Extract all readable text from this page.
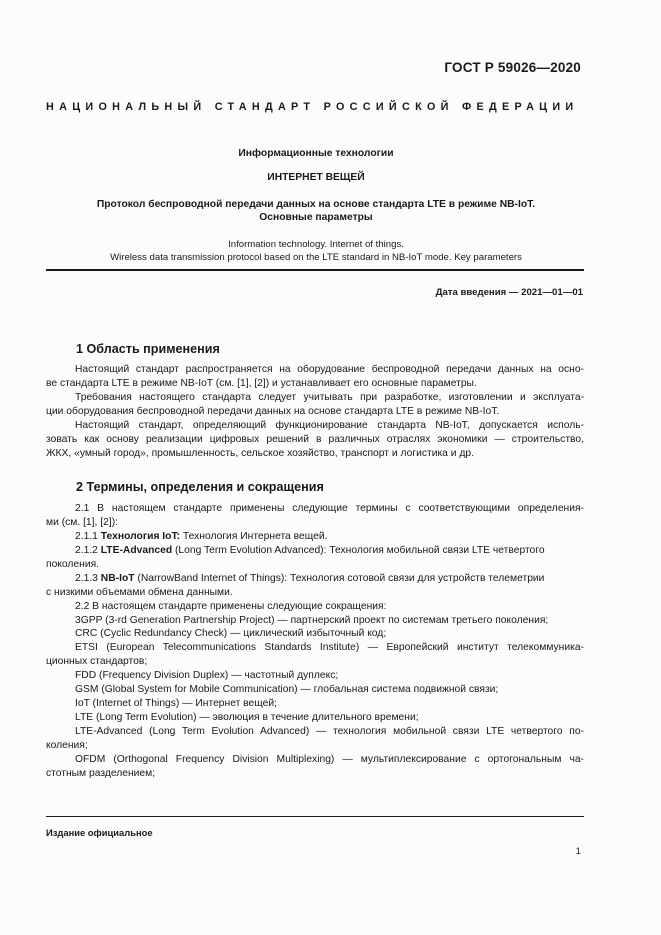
ГОСТ Р 59026—2020
НАЦИОНАЛЬНЫЙ СТАНДАРТ РОССИЙСКОЙ ФЕДЕРАЦИИ
Информационные технологии
ИНТЕРНЕТ ВЕЩЕЙ
Протокол беспроводной передачи данных на основе стандарта LTE в режиме NB-IoT.
Основные параметры
Information technology. Internet of things.
Wireless data transmission protocol based on the LTE standard in NB-IoT mode. Key parameters
Дата введения — 2021—01—01
1 Область применения
Настоящий стандарт распространяется на оборудование беспроводной передачи данных на осно-
ве стандарта LTE в режиме NB-IoT (см. [1], [2]) и устанавливает его основные параметры.
Требования настоящего стандарта следует учитывать при разработке, изготовлении и эксплуата-
ции оборудования беспроводной передачи данных на основе стандарта LTE в режиме NB-IoT.
Настоящий стандарт, определяющий функционирование стандарта NB-IoT, допускается исполь-
зовать как основу реализации цифровых решений в различных отраслях экономики — строительство,
ЖКХ, «умный город», промышленность, сельское хозяйство, транспорт и логистика и др.
2 Термины, определения и сокращения
2.1 В настоящем стандарте применены следующие термины с соответствующими определения-
ми (см. [1], [2]):
2.1.1 Технология IoT: Технология Интернета вещей.
2.1.2 LTE-Advanced (Long Term Evolution Advanced): Технология мобильной связи LTE четвертого
поколения.
2.1.3 NB-IoT (NarrowBand Internet of Things): Технология сотовой связи для устройств телеметрии
с низкими объемами обмена данными.
2.2 В настоящем стандарте применены следующие сокращения:
3GPP (3-rd Generation Partnership Project) — партнерский проект по системам третьего поколения;
CRC (Cyclic Redundancy Check) — циклический избыточный код;
ETSI (European Telecommunications Standards Institute) — Европейский институт телекоммуника-
ционных стандартов;
FDD (Frequency Division Duplex) — частотный дуплекс;
GSM (Global System for Mobile Communication) — глобальная система подвижной связи;
IoT (Internet of Things) — Интернет вещей;
LTE (Long Term Evolution) — эволюция в течение длительного времени;
LTE-Advanced (Long Term Evolution Advanced) — технология мобильной связи LTE четвертого по-
коления;
OFDM (Orthogonal Frequency Division Multiplexing) — мультиплексирование с ортогональным ча-
стотным разделением;
Издание официальное
1
